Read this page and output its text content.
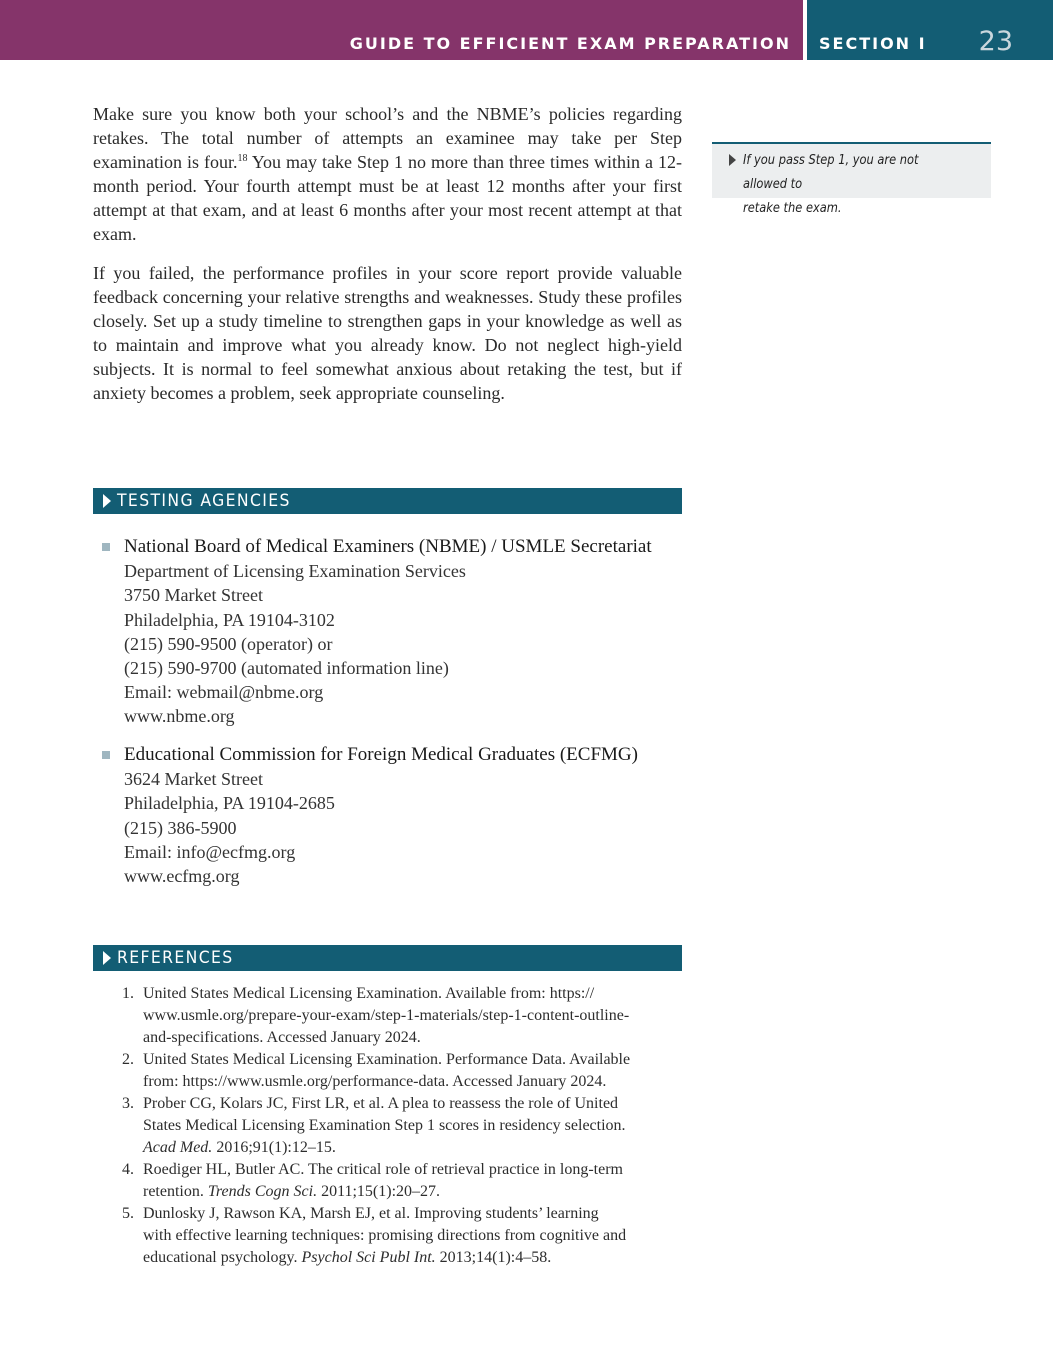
GUIDE TO EFFICIENT EXAM PREPARATION SECTION I 23

Make sure you know both your school’s and the NBME’s policies regarding retakes. The total number of attempts an examinee may take per Step examination is four.$^{18}$ You may take Step 1 no more than three times within a 12-month period. Your fourth attempt must be at least 12 months after your first attempt at that exam, and at least 6 months after your most recent attempt at that exam.

If you failed, the performance profiles in your score report provide valuable feedback concerning your relative strengths and weaknesses. Study these profiles closely. Set up a study timeline to strengthen gaps in your knowledge as well as to maintain and improve what you already know. Do not neglect high-yield subjects. It is normal to feel somewhat anxious about retaking the test, but if anxiety becomes a problem, seek appropriate counseling.

If you pass Step 1, you are not allowed to
retake the exam.
TESTING AGENCIES
National Board of Medical Examiners (NBME) / USMLE Secretariat
Department of Licensing Examination Services
3750 Market Street
Philadelphia, PA 19104-3102
(215) 590-9500 (operator) or
(215) 590-9700 (automated information line)
Email: webmail@nbme.org
www.nbme.org
Educational Commission for Foreign Medical Graduates (ECFMG)
3624 Market Street
Philadelphia, PA 19104-2685
(215) 386-5900
Email: info@ecfmg.org
www.ecfmg.org
REFERENCES
1. United States Medical Licensing Examination. Available from: https://
www.usmle.org/prepare-your-exam/step-1-materials/step-1-content-outline-
and-specifications. Accessed January 2024.
2. United States Medical Licensing Examination. Performance Data. Available
from: https://www.usmle.org/performance-data. Accessed January 2024.
3. Prober CG, Kolars JC, First LR, et al. A plea to reassess the role of United
States Medical Licensing Examination Step 1 scores in residency selection.
Acad Med. 2016;91(1):12–15.
4. Roediger HL, Butler AC. The critical role of retrieval practice in long-term
retention. Trends Cogn Sci. 2011;15(1):20–27.
5. Dunlosky J, Rawson KA, Marsh EJ, et al. Improving students’ learning
with effective learning techniques: promising directions from cognitive and
educational psychology. Psychol Sci Publ Int. 2013;14(1):4–58.
